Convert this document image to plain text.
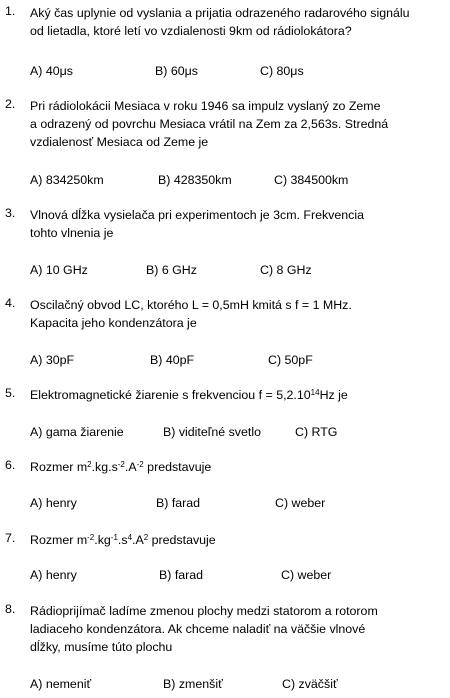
1. Aký čas uplynie od vyslania a prijatia odrazeného radarového signálu
od lietadla, ktoré letí vo vzdialenosti 9km od rádiolokátora?
A) 40μs	B) 60μs	C) 80μs
2. Pri rádiolokácii Mesiaca v roku 1946 sa impulz vyslaný zo Zeme
a odrazený od povrchu Mesiaca vrátil na Zem za 2,563s. Stredná
vzdialenosť Mesiaca od Zeme je
A) 834250km	B) 428350km	C) 384500km
3. Vlnová dĺžka vysielača pri experimentoch je 3cm. Frekvencia
tohto vlnenia je
A) 10 GHz	B) 6 GHz	C) 8 GHz
4. Oscilačný obvod LC, ktorého L = 0,5mH kmitá s f = 1 MHz.
Kapacita jeho kondenzátora je
A) 30pF	B) 40pF	C) 50pF
5. Elektromagnetické žiarenie s frekvenciou $f = 5,2.10^{14}Hz$ je
A) gama žiarenie	B) viditeľné svetlo	C) RTG
6. Rozmer $m^2.kg.s^{-2}.A^{-2}$ predstavuje
A) henry	B) farad	C) weber
7. Rozmer $m^{-2}.kg^{-1}.s^4.A^2$ predstavuje
A) henry	B) farad	C) weber
8. Rádioprijímač ladíme zmenou plochy medzi statorom a rotorom
ladiaceho kondenzátora. Ak chceme naladiť na väčšie vlnové
dĺžky, musíme túto plochu
A) nemeniť	B) zmenšiť	C) zväčšiť
